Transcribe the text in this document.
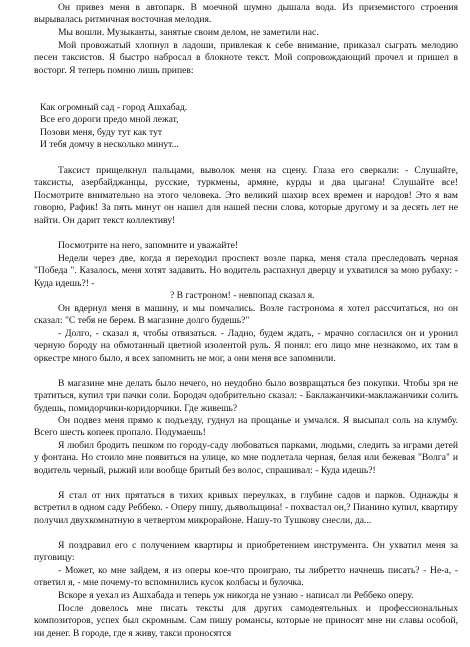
Он привез меня в автопарк. В моечной шумно дышала вода. Из приземистого строения вырывалась ритмичная восточная мелодия.
Мы вошли. Музыканты, занятые своим делом, не заметили нас.
Мой провожатый хлопнул в ладоши, привлекая к себе внимание, приказал сыграть мелодию песен таксистов. Я быстро набросал в блокноте текст. Мой сопровождающий прочел и пришел в восторг. Я теперь помню лишь припев:
Как огромный сад - город Ашхабад.
Все его дороги предо мной лежат,
Позови меня, буду тут как тут
И тебя домчу в несколько минут...
Таксист прищелкнул пальцами, выволок меня на сцену. Глаза его сверкали: - Слушайте, таксисты, азербайджанцы, русские, туркмены, армяне, курды и два цыгана! Слушайте все! Посмотрите внимательно на этого человека. Это великий шахир всех времен и народов! Это я вам говорю, Рафик! За пять минут он нашел для нашей песни слова, которые другому и за десять лет не найти. Он дарит текст коллективу!
Посмотрите на него, запомните и уважайте!
Недели через две, когда я переходил проспект возле парка, меня стала преследовать черная "Победа ". Казалось, меня хотят задавить. Но водитель распахнул дверцу и ухватился за мою рубаху: - Куда идешь?! -
? В гастроном! - невпопад сказал я.
Он вдернул меня в машину, и мы помчались. Возле гастронома я хотел рассчитаться, но он сказал: "С тебя не берем. В магазине долго будешь?"
- Долго, - сказал я, чтобы отвязаться. - Ладно, будем ждать, - мрачно согласился он и уронил черную бороду на обмотанный цветной изолентой руль. Я понял: его лицо мне незнакомо, их там в оркестре много было, я всех запомнить не мог, а они меня все запомнили.
В магазине мне делать было нечего, но неудобно было возвращаться без покупки. Чтобы зря не тратиться, купил три пачки соли. Бородач одобрительно сказал: - Баклажанчики-маклажанчики солить будешь, помидорчики-коридорчики. Где живешь?
Он подвез меня прямо к подъезду, гуднул на прощанье и умчался. Я высыпал соль на клумбу. Всего шесть копеек пропало. Подумаешь!
Я любил бродить пешком по городу-саду любоваться парками, людьми, следить за играми детей у фонтана. Но стоило мне появиться на улице, ко мне подлетала черная, белая или бежевая "Волга" и водитель черный, рыжий или вообще бритый без волос, спрашивал: - Куда идешь?!
Я стал от них прятаться в тихих кривых переулках, в глубине садов и парков. Однажды я встретил в одном саду Реббеко. - Оперу пишу, дьявольщина! - похвастал он,? Пианино купил, квартиру получил двухкомнатную в четвертом микрорайоне. Нашу-то Тушкову снесли, да...
Я поздравил его с получением квартиры и приобретением инструмента. Он ухватил меня за пуговицу:
- Может, ко мне зайдем, я из оперы кое-что проиграю, ты либретто начнешь писать? - Не-а, - ответил я, - мне почему-то вспомнились кусок колбасы и булочка.
Вскоре я уехал из Ашхабада и теперь уж никогда не узнаю - написал ли Реббеко оперу.
После довелось мне писать тексты для других самодеятельных и профессиональных композиторов, успех был скромным. Сам пишу романсы, которые не приносят мне ни славы особой, ни денег. В городе, где я живу, такси проносятся
